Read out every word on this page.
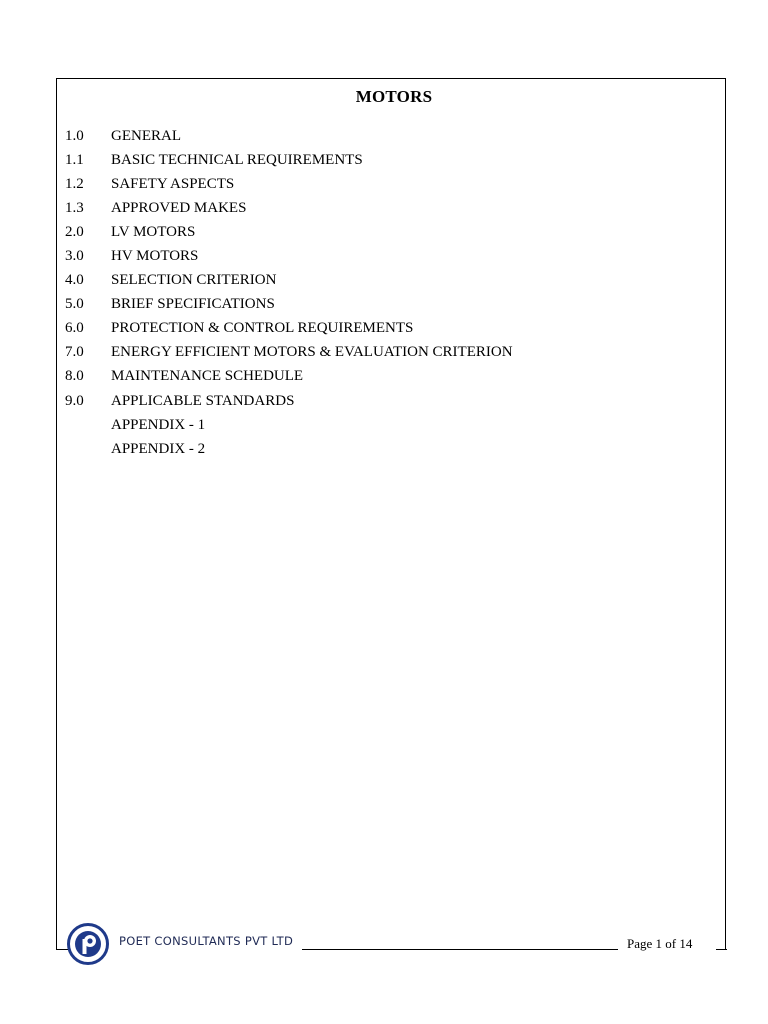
MOTORS
1.0	GENERAL
1.1	BASIC TECHNICAL REQUIREMENTS
1.2	SAFETY ASPECTS
1.3	APPROVED MAKES
2.0	LV MOTORS
3.0	HV MOTORS
4.0	SELECTION CRITERION
5.0	BRIEF SPECIFICATIONS
6.0	PROTECTION & CONTROL REQUIREMENTS
7.0	ENERGY EFFICIENT MOTORS & EVALUATION CRITERION
8.0	MAINTENANCE SCHEDULE
9.0	APPLICABLE STANDARDS
APPENDIX - 1
APPENDIX - 2
POET CONSULTANTS PVT LTD	Page 1 of 14
